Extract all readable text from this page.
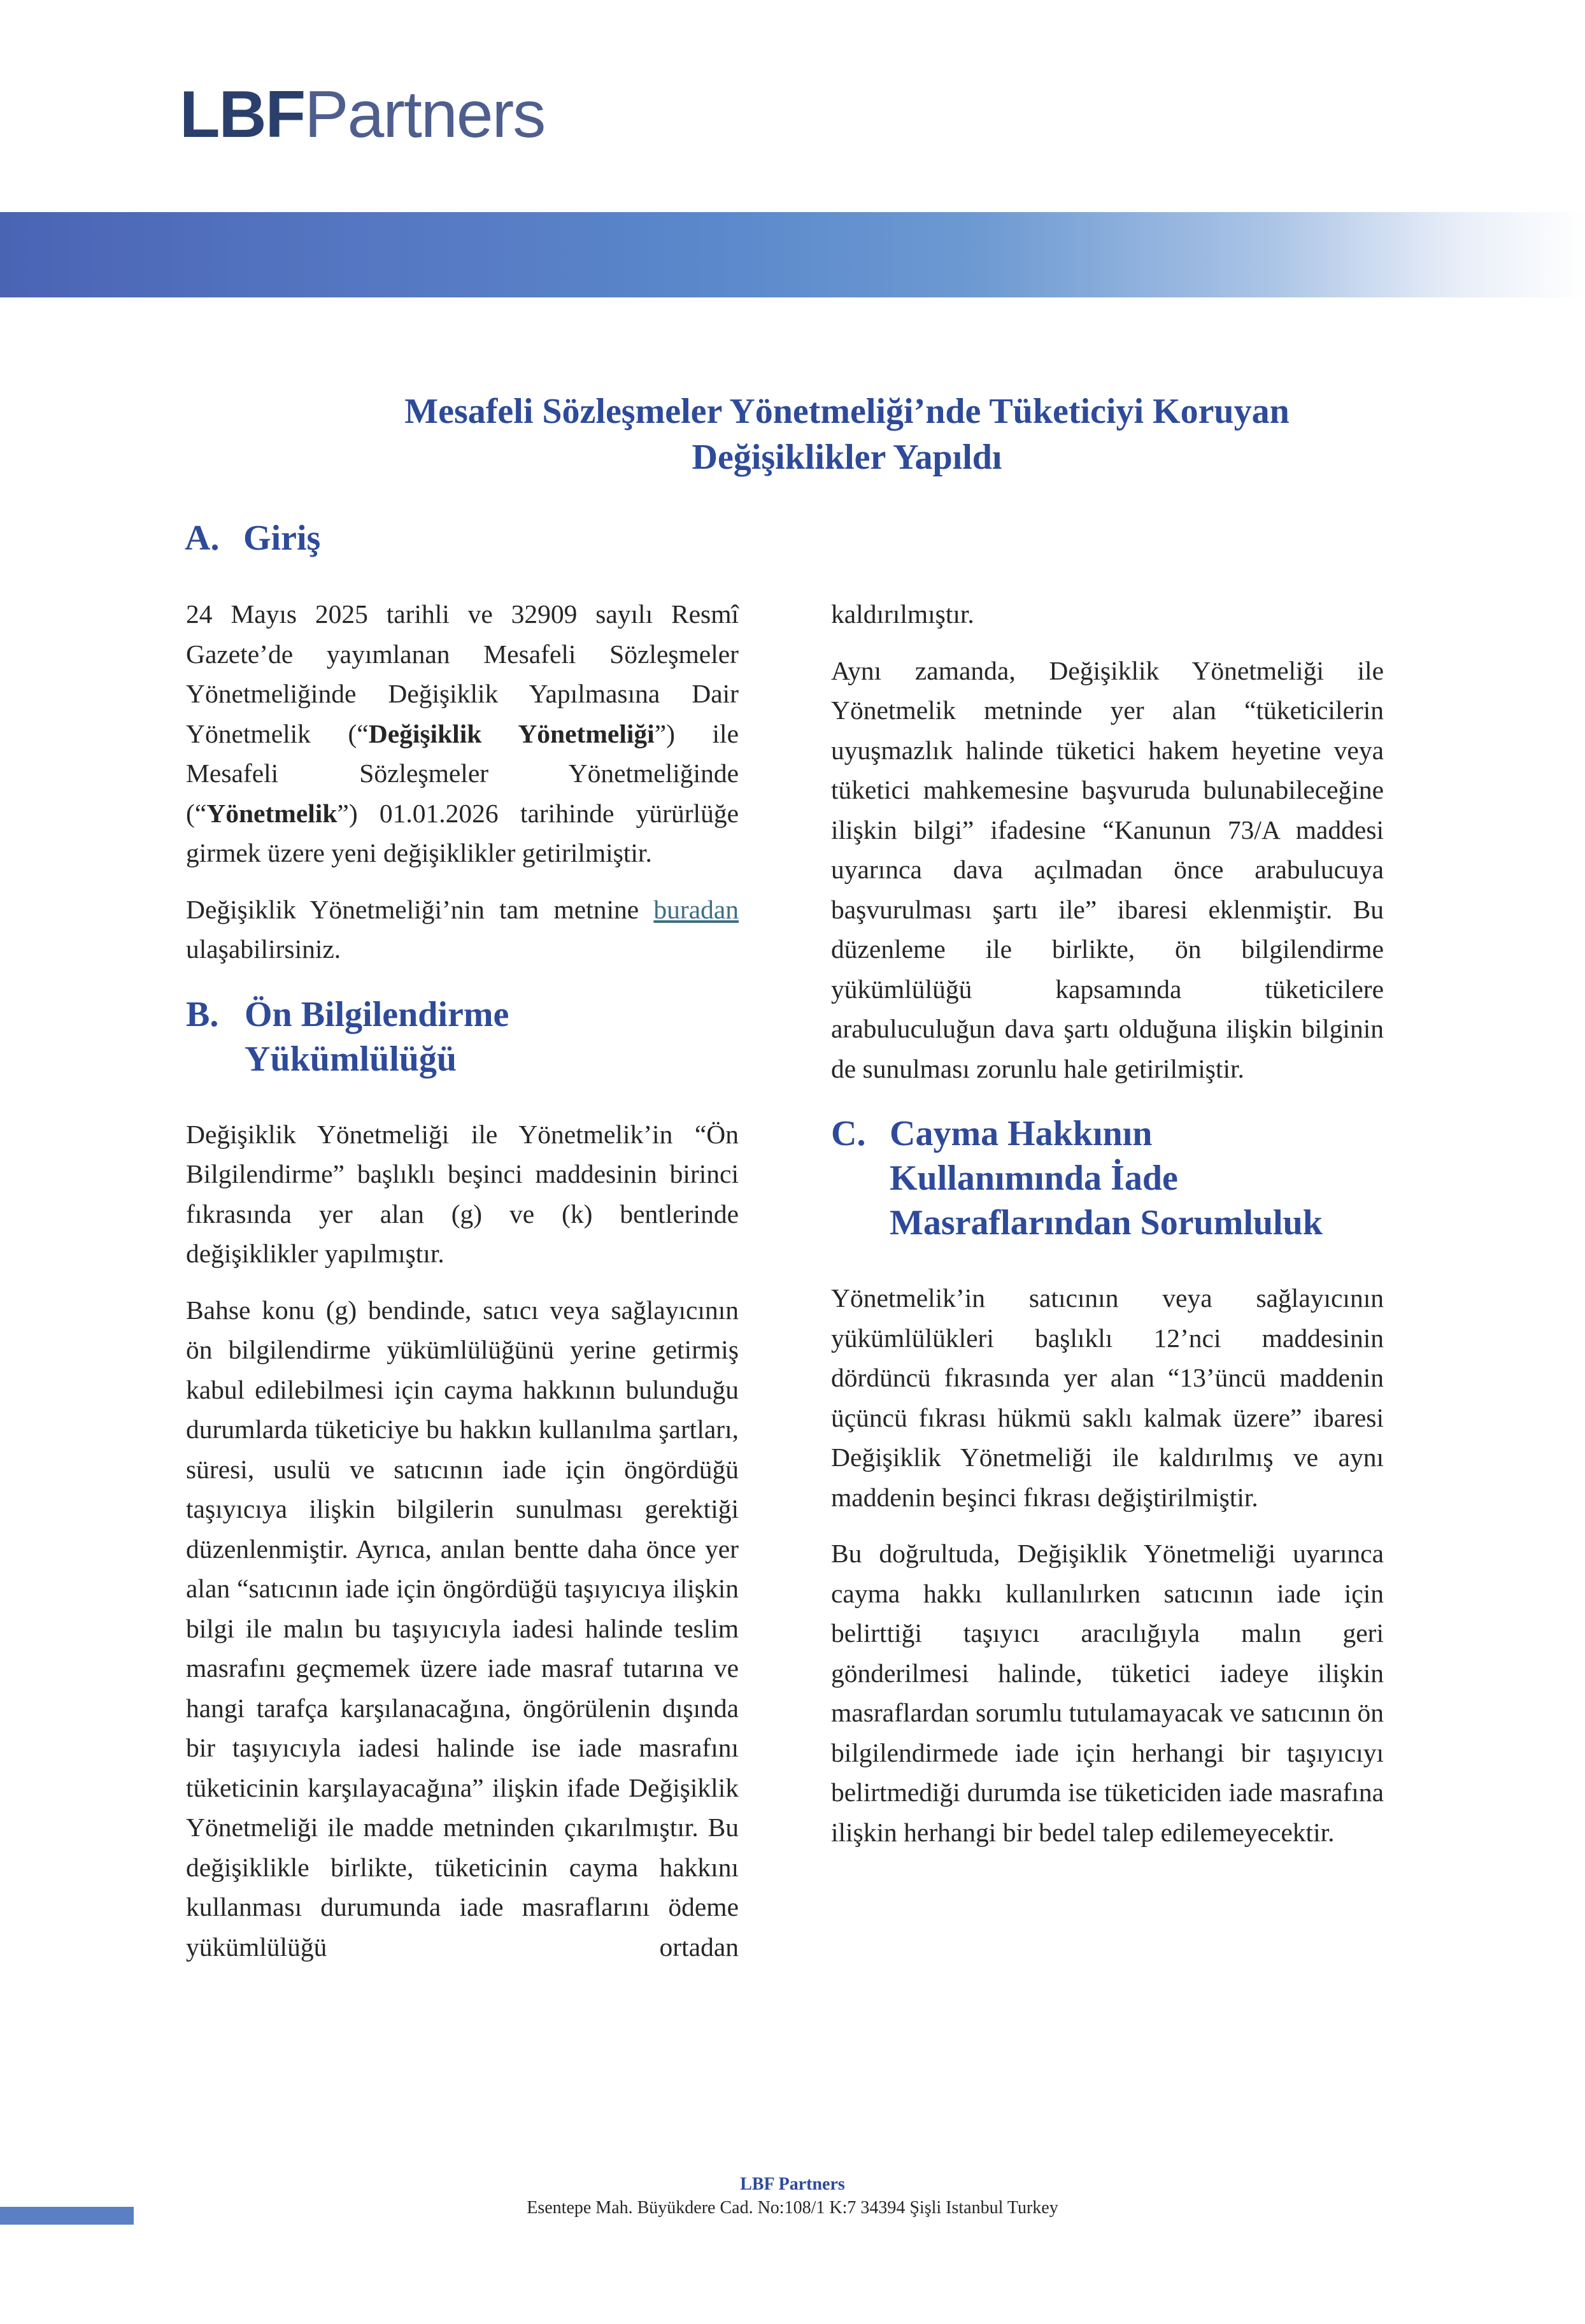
LBFPartners
Mesafeli Sözleşmeler Yönetmeliği’nde Tüketiciyi Koruyan
Değişiklikler Yapıldı
A. Giriş

24 Mayıs 2025 tarihli ve 32909 sayılı Resmî Gazete’de yayımlanan Mesafeli Sözleşmeler Yönetmeliğinde Değişiklik Yapılmasına Dair Yönetmelik (“Değişiklik Yönetmeliği”) ile Mesafeli Sözleşmeler Yönetmeliğinde (“Yönetmelik”) 01.01.2026 tarihinde yürürlüğe girmek üzere yeni değişiklikler getirilmiştir.

Değişiklik Yönetmeliği’nin tam metnine buradan ulaşabilirsiniz.

B. Ön Bilgilendirme
Yükümlülüğü

Değişiklik Yönetmeliği ile Yönetmelik’in “Ön Bilgilendirme” başlıklı beşinci maddesinin birinci fıkrasında yer alan (g) ve (k) bentlerinde değişiklikler yapılmıştır.

Bahse konu (g) bendinde, satıcı veya sağlayıcının ön bilgilendirme yükümlülüğünü yerine getirmiş kabul edilebilmesi için cayma hakkının bulunduğu durumlarda tüketiciye bu hakkın kullanılma şartları, süresi, usulü ve satıcının iade için öngördüğü taşıyıcıya ilişkin bilgilerin sunulması gerektiği düzenlenmiştir. Ayrıca, anılan bentte daha önce yer alan “satıcının iade için öngördüğü taşıyıcıya ilişkin bilgi ile malın bu taşıyıcıyla iadesi halinde teslim masrafını geçmemek üzere iade masraf tutarına ve hangi tarafça karşılanacağına, öngörülenin dışında bir taşıyıcıyla iadesi halinde ise iade masrafını tüketicinin karşılayacağına” ilişkin ifade Değişiklik Yönetmeliği ile madde metninden çıkarılmıştır. Bu değişiklikle birlikte, tüketicinin cayma hakkını kullanması durumunda iade masraflarını ödeme yükümlülüğü ortadan

kaldırılmıştır.

Aynı zamanda, Değişiklik Yönetmeliği ile Yönetmelik metninde yer alan “tüketicilerin uyuşmazlık halinde tüketici hakem heyetine veya tüketici mahkemesine başvuruda bulunabileceğine ilişkin bilgi” ifadesine “Kanunun 73/A maddesi uyarınca dava açılmadan önce arabulucuya başvurulması şartı ile” ibaresi eklenmiştir. Bu düzenleme ile birlikte, ön bilgilendirme yükümlülüğü kapsamında tüketicilere arabuluculuğun dava şartı olduğuna ilişkin bilginin de sunulması zorunlu hale getirilmiştir.

C. Cayma Hakkının
Kullanımında İade
Masraflarından Sorumluluk

Yönetmelik’in satıcının veya sağlayıcının yükümlülükleri başlıklı 12’nci maddesinin dördüncü fıkrasında yer alan “13’üncü maddenin üçüncü fıkrası hükmü saklı kalmak üzere” ibaresi Değişiklik Yönetmeliği ile kaldırılmış ve aynı maddenin beşinci fıkrası değiştirilmiştir.

Bu doğrultuda, Değişiklik Yönetmeliği uyarınca cayma hakkı kullanılırken satıcının iade için belirttiği taşıyıcı aracılığıyla malın geri gönderilmesi halinde, tüketici iadeye ilişkin masraflardan sorumlu tutulamayacak ve satıcının ön bilgilendirmede iade için herhangi bir taşıyıcıyı belirtmediği durumda ise tüketiciden iade masrafına ilişkin herhangi bir bedel talep edilemeyecektir.

LBF Partners
Esentepe Mah. Büyükdere Cad. No:108/1 K:7 34394 Şişli Istanbul Turkey
